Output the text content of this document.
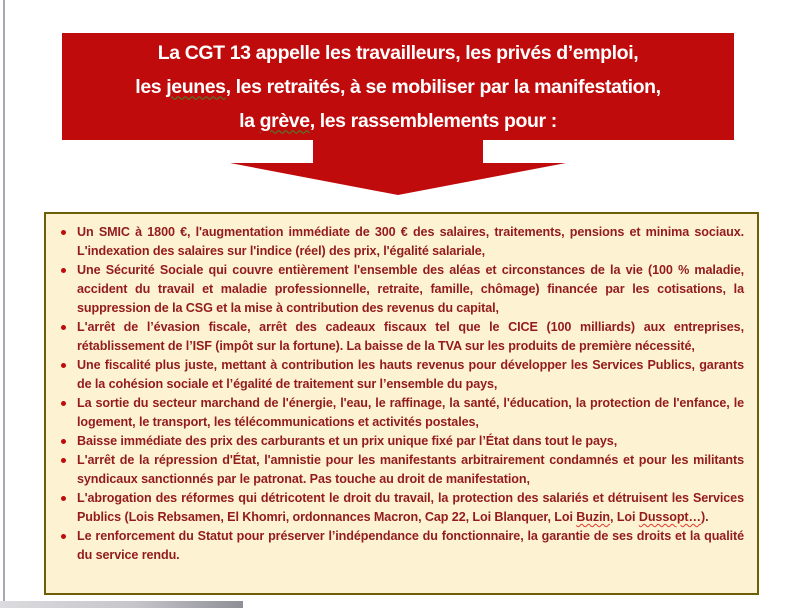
La CGT 13 appelle les travailleurs, les privés d’emploi,
les jeunes, les retraités, à se mobiliser par la manifestation,
la grève, les rassemblements pour :
Un SMIC à 1800 €, l'augmentation immédiate de 300 € des salaires, traitements, pensions et minima sociaux. L'indexation des salaires sur l'indice (réel) des prix, l'égalité salariale,
Une Sécurité Sociale qui couvre entièrement l'ensemble des aléas et circonstances de la vie (100 % maladie, accident du travail et maladie professionnelle, retraite, famille, chômage) financée par les cotisations, la suppression de la CSG et la mise à contribution des revenus du capital,
L'arrêt de l’évasion fiscale, arrêt des cadeaux fiscaux tel que le CICE (100 milliards) aux entreprises, rétablissement de l’ISF (impôt sur la fortune). La baisse de la TVA sur les produits de première nécessité,
Une fiscalité plus juste, mettant à contribution les hauts revenus pour développer les Services Publics, garants de la cohésion sociale et l’égalité de traitement sur l’ensemble du pays,
La sortie du secteur marchand de l'énergie, l'eau, le raffinage, la santé, l'éducation, la protection de l'enfance, le logement, le transport, les télécommunications et activités postales,
Baisse immédiate des prix des carburants et un prix unique fixé par l’État dans tout le pays,
L'arrêt de la répression d'État, l'amnistie pour les manifestants arbitrairement condamnés et pour les militants syndicaux sanctionnés par le patronat. Pas touche au droit de manifestation,
L'abrogation des réformes qui détricotent le droit du travail, la protection des salariés et détruisent les Services Publics (Lois Rebsamen, El Khomri, ordonnances Macron, Cap 22, Loi Blanquer, Loi Buzin, Loi Dussopt…).
Le renforcement du Statut pour préserver l’indépendance du fonctionnaire, la garantie de ses droits et la qualité du service rendu.
